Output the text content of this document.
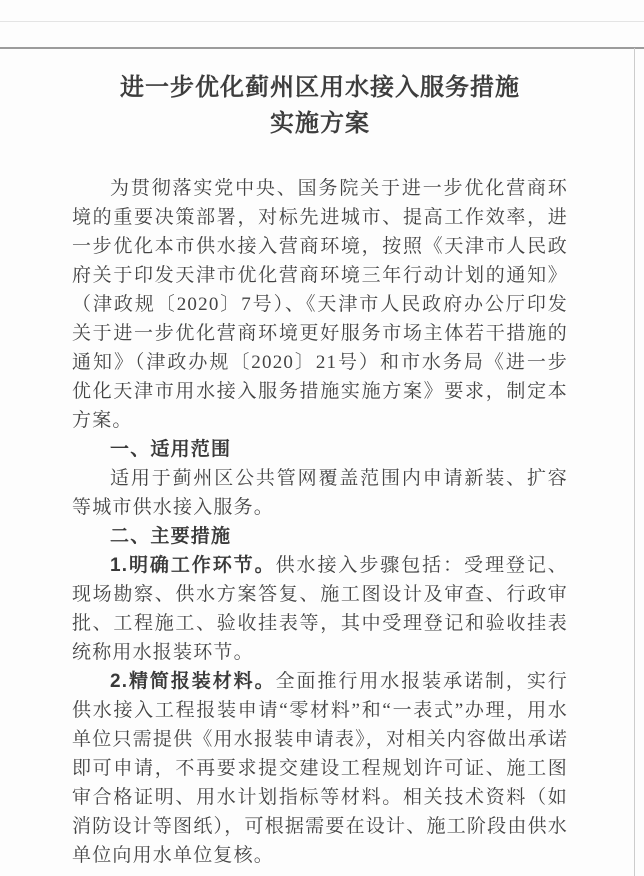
进一步优化蓟州区用水接入服务措施
实施方案

为贯彻落实党中央、国务院关于进一步优化营商环境的重要决策部署，对标先进城市、提高工作效率，进一步优化本市供水接入营商环境，按照《天津市人民政府关于印发天津市优化营商环境三年行动计划的通知》（津政规〔2020〕7号）、《天津市人民政府办公厅印发关于进一步优化营商环境更好服务市场主体若干措施的通知》（津政办规〔2020〕21号）和市水务局《进一步优化天津市用水接入服务措施实施方案》要求，制定本方案。

一、适用范围

适用于蓟州区公共管网覆盖范围内申请新装、扩容等城市供水接入服务。

二、主要措施

1.明确工作环节。供水接入步骤包括：受理登记、现场勘察、供水方案答复、施工图设计及审查、行政审批、工程施工、验收挂表等，其中受理登记和验收挂表统称用水报装环节。

2.精简报装材料。全面推行用水报装承诺制，实行供水接入工程报装申请“零材料”和“一表式”办理，用水单位只需提供《用水报装申请表》，对相关内容做出承诺即可申请，不再要求提交建设工程规划许可证、施工图审合格证明、用水计划指标等材料。相关技术资料（如消防设计等图纸），可根据需要在设计、施工阶段由供水单位向用水单位复核。
